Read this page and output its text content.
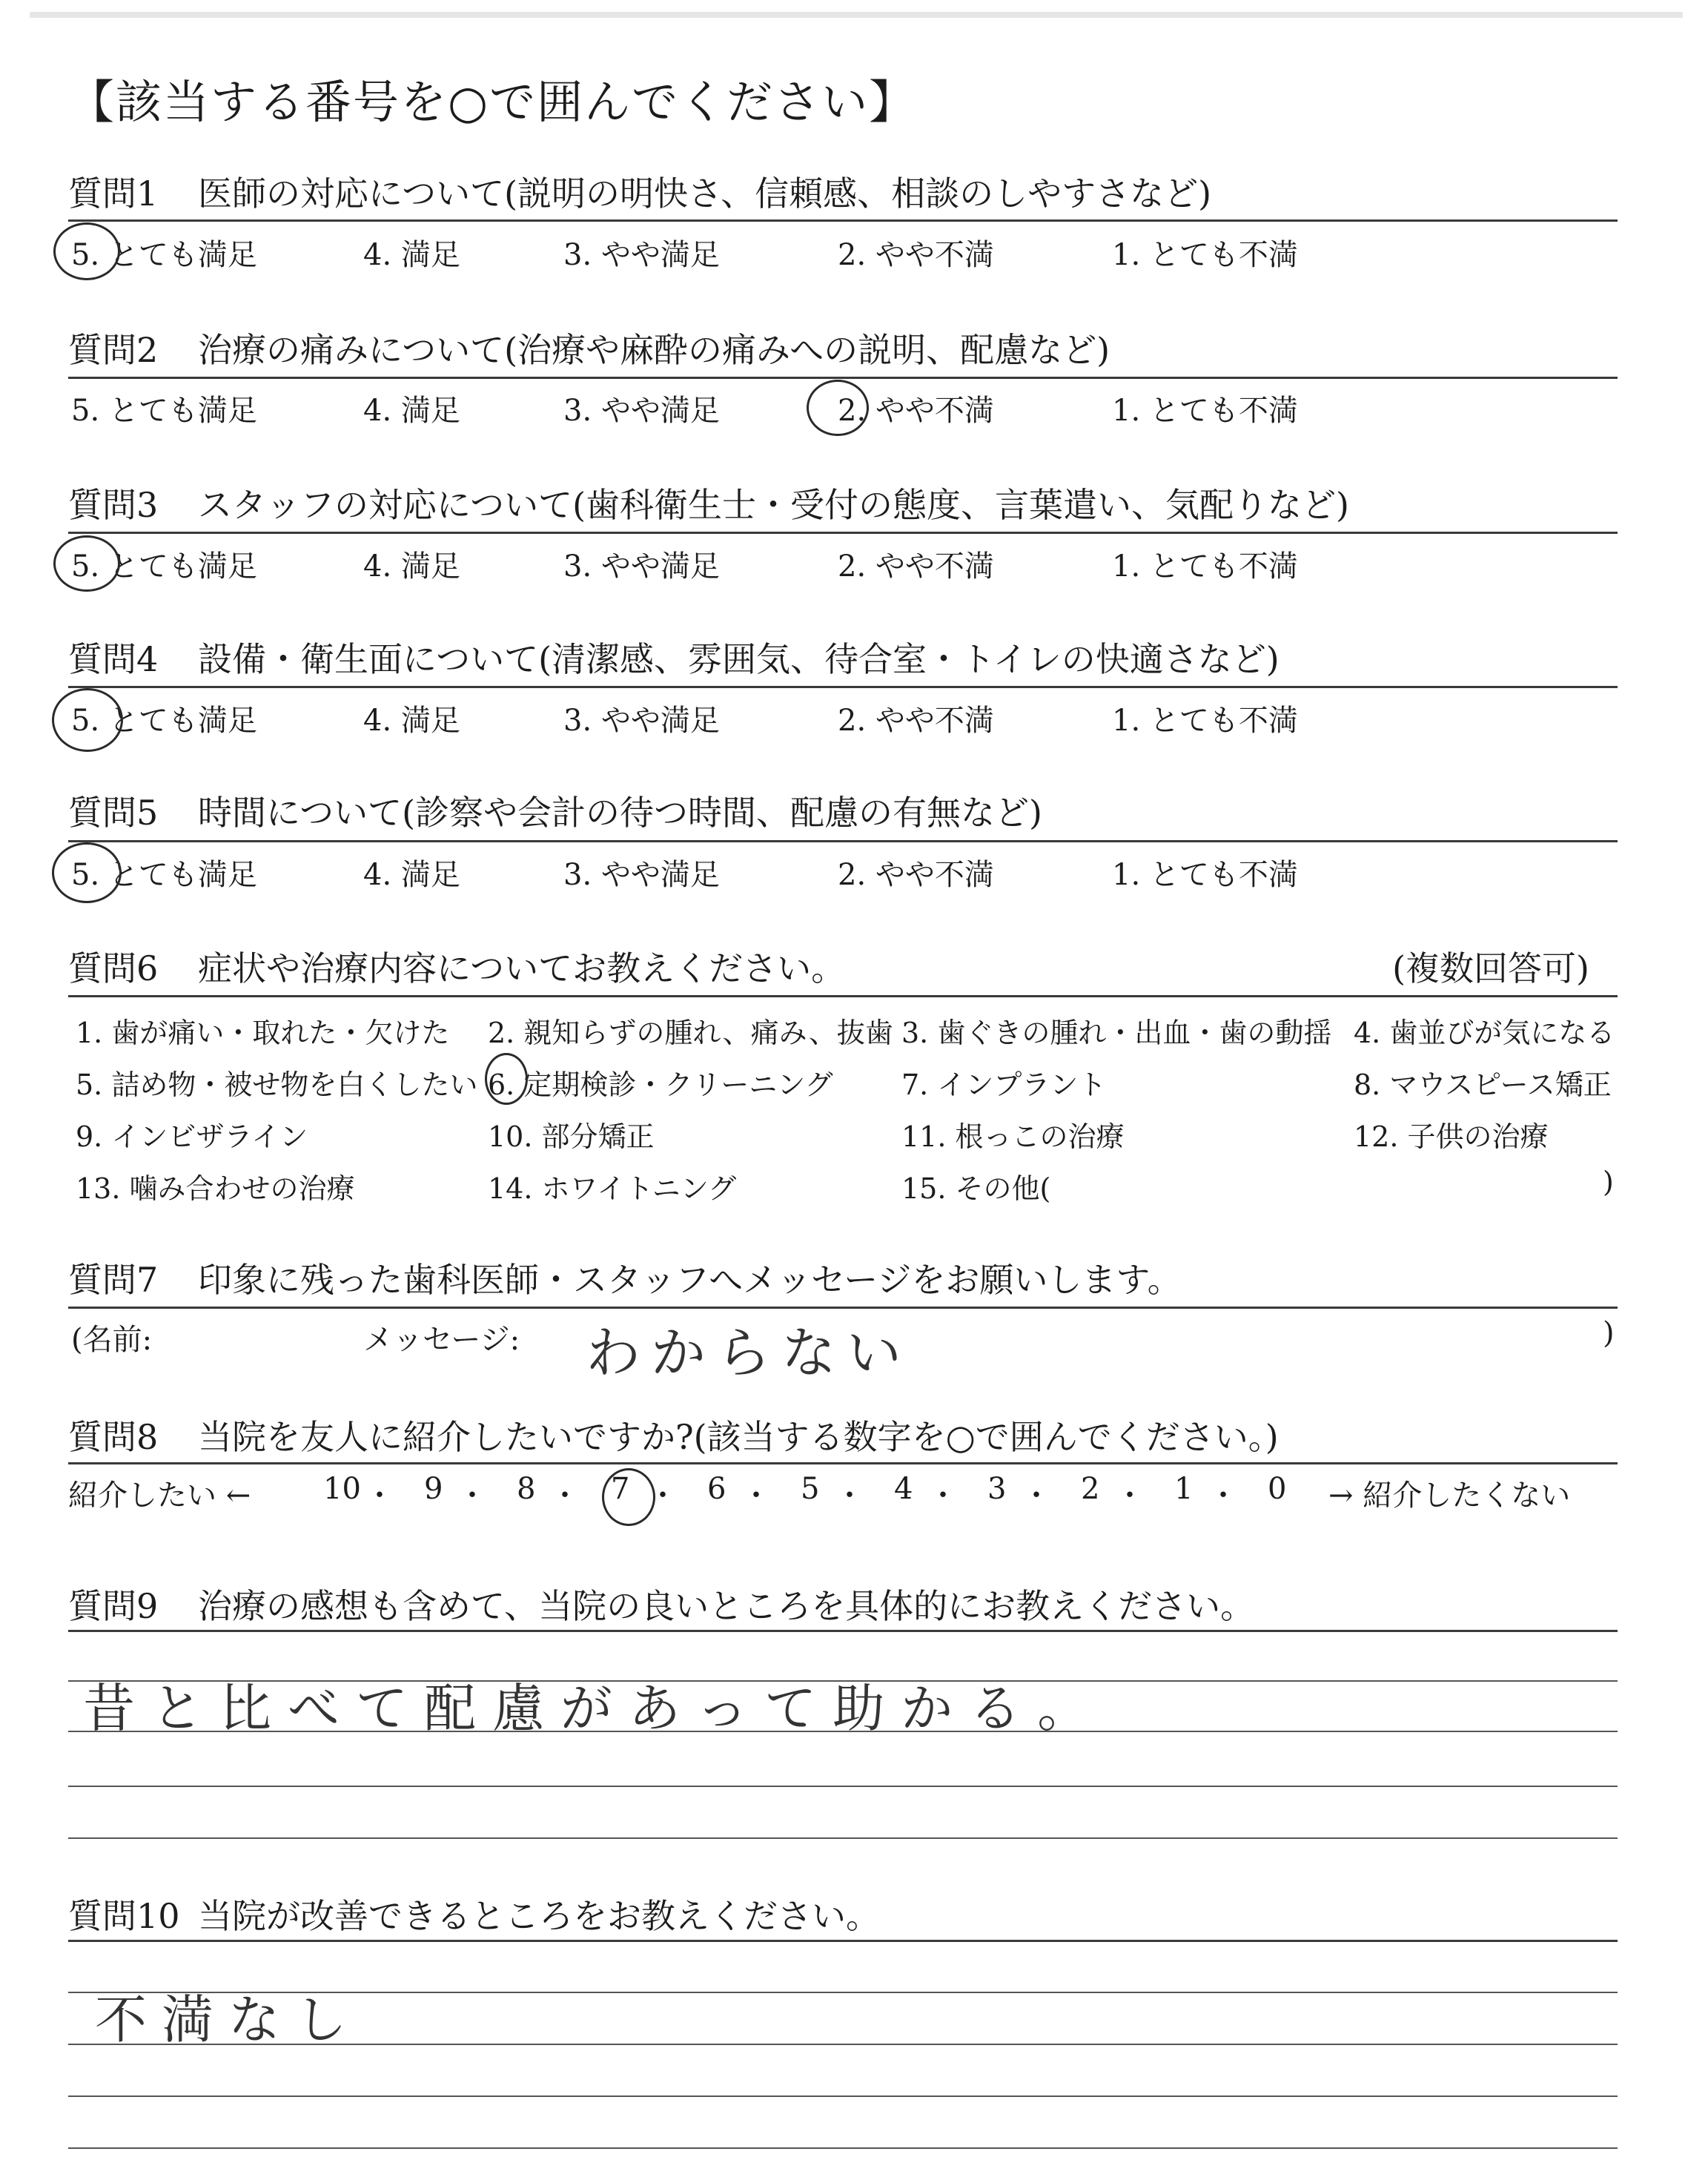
【該当する番号を○で囲んでください】
質問1 医師の対応について(説明の明快さ、信頼感、相談のしやすさなど)
5. とても満足	4. 満足	3. やや満足	2. やや不満	1. とても不満
質問2 治療の痛みについて(治療や麻酔の痛みへの説明、配慮など)
5. とても満足	4. 満足	3. やや満足	2. やや不満	1. とても不満
質問3 スタッフの対応について(歯科衛生士・受付の態度、言葉遣い、気配りなど)
5. とても満足	4. 満足	3. やや満足	2. やや不満	1. とても不満
質問4 設備・衛生面について(清潔感、雰囲気、待合室・トイレの快適さなど)
5. とても満足	4. 満足	3. やや満足	2. やや不満	1. とても不満
質問5 時間について(診察や会計の待つ時間、配慮の有無など)
5. とても満足	4. 満足	3. やや満足	2. やや不満	1. とても不満
質問6 症状や治療内容についてお教えください。	(複数回答可)
1. 歯が痛い・取れた・欠けた 2. 親知らずの腫れ、痛み、抜歯 3. 歯ぐきの腫れ・出血・歯の動揺 4. 歯並びが気になる
5. 詰め物・被せ物を白くしたい 6. 定期検診・クリーニング 7. インプラント	8. マウスピース矯正
9. インビザライン	10. 部分矯正	11. 根っこの治療	12. 子供の治療
13. 噛み合わせの治療	14. ホワイトニング	15. その他(	)
質問7 印象に残った歯科医師・スタッフへメッセージをお願いします。
(名前:	メッセージ:	)
わからない
質問8 当院を友人に紹介したいですか?(該当する数字を○で囲んでください。)
紹介したい ← 10 ・ 9 ・ 8 ・ 7 ・ 6 ・ 5 ・ 4 ・ 3 ・ 2 ・ 1 ・ 0 → 紹介したくない
質問9 治療の感想も含めて、当院の良いところを具体的にお教えください。
昔と比べて配慮があって助かる。
質問10 当院が改善できるところをお教えください。
不満なし
